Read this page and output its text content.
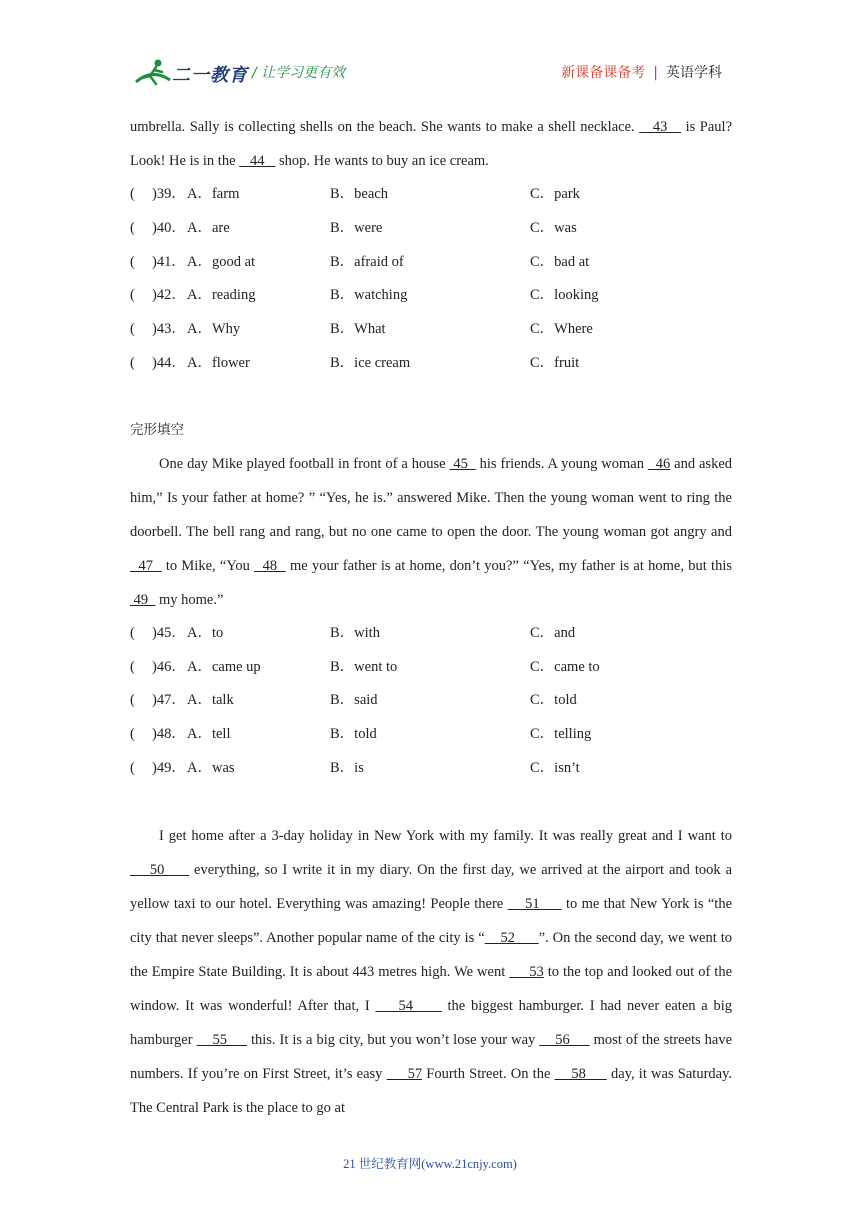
二一教育 / 让学习更有效	新课备课备考 | 英语学科

umbrella. Sally is collecting shells on the beach. She wants to make a shell necklace.    43    is Paul? Look! He is in the    44    shop. He wants to buy an ice cream.

( )39． A．farm	B．beach	C．park
( )40． A．are	B．were	C．was
( )41． A．good at	B．afraid of	C．bad at
( )42． A．reading	B．watching	C．looking
( )43． A．Why	B．What	C．Where
( )44． A．flower	B．ice cream	C．fruit
完形填空

One day Mike played football in front of a house  45   his friends. A young woman   46 and asked him,” Is your father at home? ” “Yes, he is.” answered Mike. Then the young woman went to ring the doorbell. The bell rang and rang, but no one came to open the door. The young woman got angry and   47   to Mike, “You   48   me your father is at home, don’t you?” “Yes, my father is at home, but this 49   my home.”

( )45． A．to	B．with	C．and
( )46． A．came up	B．went to	C．came to
( )47． A．talk	B．said	C．told
( )48． A．tell	B．told	C．telling
( )49． A．was	B．is	C．isn’t

I get home after a 3-day holiday in New York with my family. It was really great and I want to     50      everything, so I write it in my diary. On the first day, we arrived at the airport and took a yellow taxi to our hotel. Everything was amazing! People there     51      to me that New York is “the city that never sleeps”. Another popular name of the city is “    52      ”. On the second day, we went to the Empire State Building. It is about 443 metres high. We went      53 to the top and looked out of the window. It was wonderful! After that, I     54      the biggest hamburger. I had never eaten a big hamburger     55      this. It is a big city, but you won’t lose your way     56      most of the streets have numbers. If you’re on First Street, it’s easy      57 Fourth Street. On the     58      day, it was Saturday. The Central Park is the place to go at

21 世纪教育网(www.21cnjy.com)
